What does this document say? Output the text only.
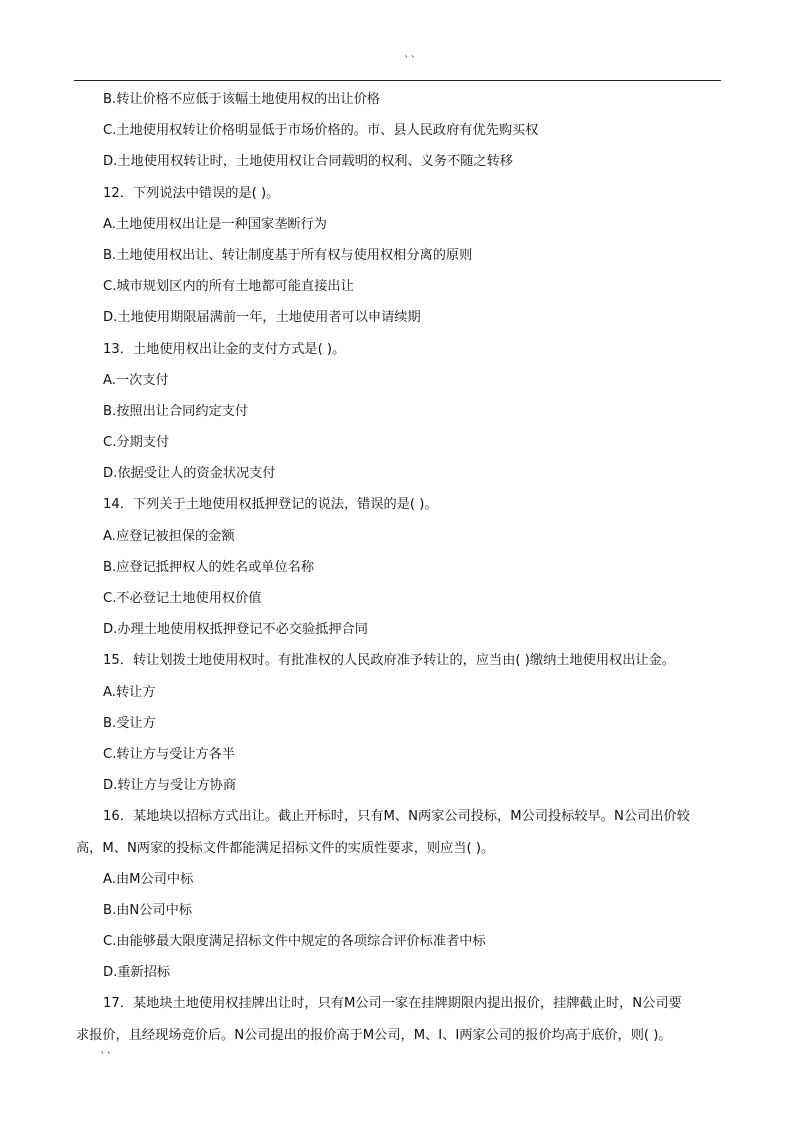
``
B.转让价格不应低于该幅土地使用权的出让价格
C.土地使用权转让价格明显低于市场价格的。市、县人民政府有优先购买权
D.土地使用权转让时，土地使用权让合同载明的权利、义务不随之转移
12．下列说法中错误的是( )。
A.土地使用权出让是一种国家垄断行为
B.土地使用权出让、转让制度基于所有权与使用权相分离的原则
C.城市规划区内的所有土地都可能直接出让
D.土地使用期限届满前一年，土地使用者可以申请续期
13．土地使用权出让金的支付方式是( )。
A.一次支付
B.按照出让合同约定支付
C.分期支付
D.依据受让人的资金状况支付
14．下列关于土地使用权抵押登记的说法，错误的是( )。
A.应登记被担保的金额
B.应登记抵押权人的姓名或单位名称
C.不必登记土地使用权价值
D.办理土地使用权抵押登记不必交验抵押合同
15．转让划拨土地使用权时。有批准权的人民政府准予转让的，应当由( )缴纳土地使用权出让金。
A.转让方
B.受让方
C.转让方与受让方各半
D.转让方与受让方协商
16．某地块以招标方式出让。截止开标时，只有M、N两家公司投标，M公司投标较早。N公司出价较
高，M、N两家的投标文件都能满足招标文件的实质性要求，则应当( )。
A.由M公司中标
B.由N公司中标
C.由能够最大限度满足招标文件中规定的各项综合评价标准者中标
D.重新招标
17．某地块土地使用权挂牌出让时，只有M公司一家在挂牌期限内提出报价，挂牌截止时，N公司要
求报价，且经现场竞价后。N公司提出的报价高于M公司，M、I、I两家公司的报价均高于底价，则( )。
``
